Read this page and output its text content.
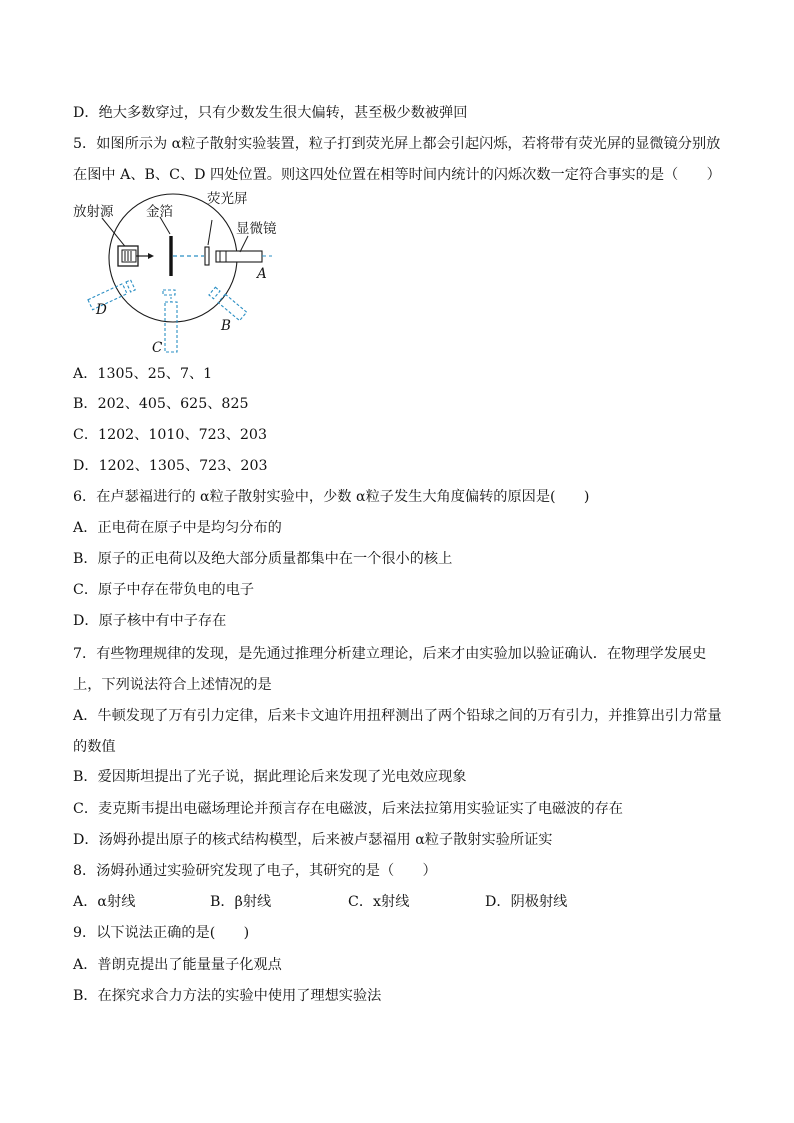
D．绝大多数穿过，只有少数发生很大偏转，甚至极少数被弹回
5．如图所示为 α粒子散射实验装置，粒子打到荧光屏上都会引起闪烁，若将带有荧光屏的显微镜分别放
在图中 A、B、C、D 四处位置。则这四处位置在相等时间内统计的闪烁次数一定符合事实的是（　　）
放射源 金箔
荧光屏
显微镜
A
B
C
D
A．1305、25、7、1
B．202、405、625、825
C．1202、1010、723、203
D．1202、1305、723、203
6．在卢瑟福进行的 α粒子散射实验中，少数 α粒子发生大角度偏转的原因是(　　)
A．正电荷在原子中是均匀分布的
B．原子的正电荷以及绝大部分质量都集中在一个很小的核上
C．原子中存在带负电的电子
D．原子核中有中子存在
7．有些物理规律的发现，是先通过推理分析建立理论，后来才由实验加以验证确认．在物理学发展史
上，下列说法符合上述情况的是
A．牛顿发现了万有引力定律，后来卡文迪许用扭秤测出了两个铅球之间的万有引力，并推算出引力常量
的数值
B．爱因斯坦提出了光子说，据此理论后来发现了光电效应现象
C．麦克斯韦提出电磁场理论并预言存在电磁波，后来法拉第用实验证实了电磁波的存在
D．汤姆孙提出原子的核式结构模型，后来被卢瑟福用 α粒子散射实验所证实
8．汤姆孙通过实验研究发现了电子，其研究的是（　　）
A．α射线	B．β射线	C．x射线	D．阴极射线
9．以下说法正确的是(　　)
A．普朗克提出了能量量子化观点
B．在探究求合力方法的实验中使用了理想实验法
